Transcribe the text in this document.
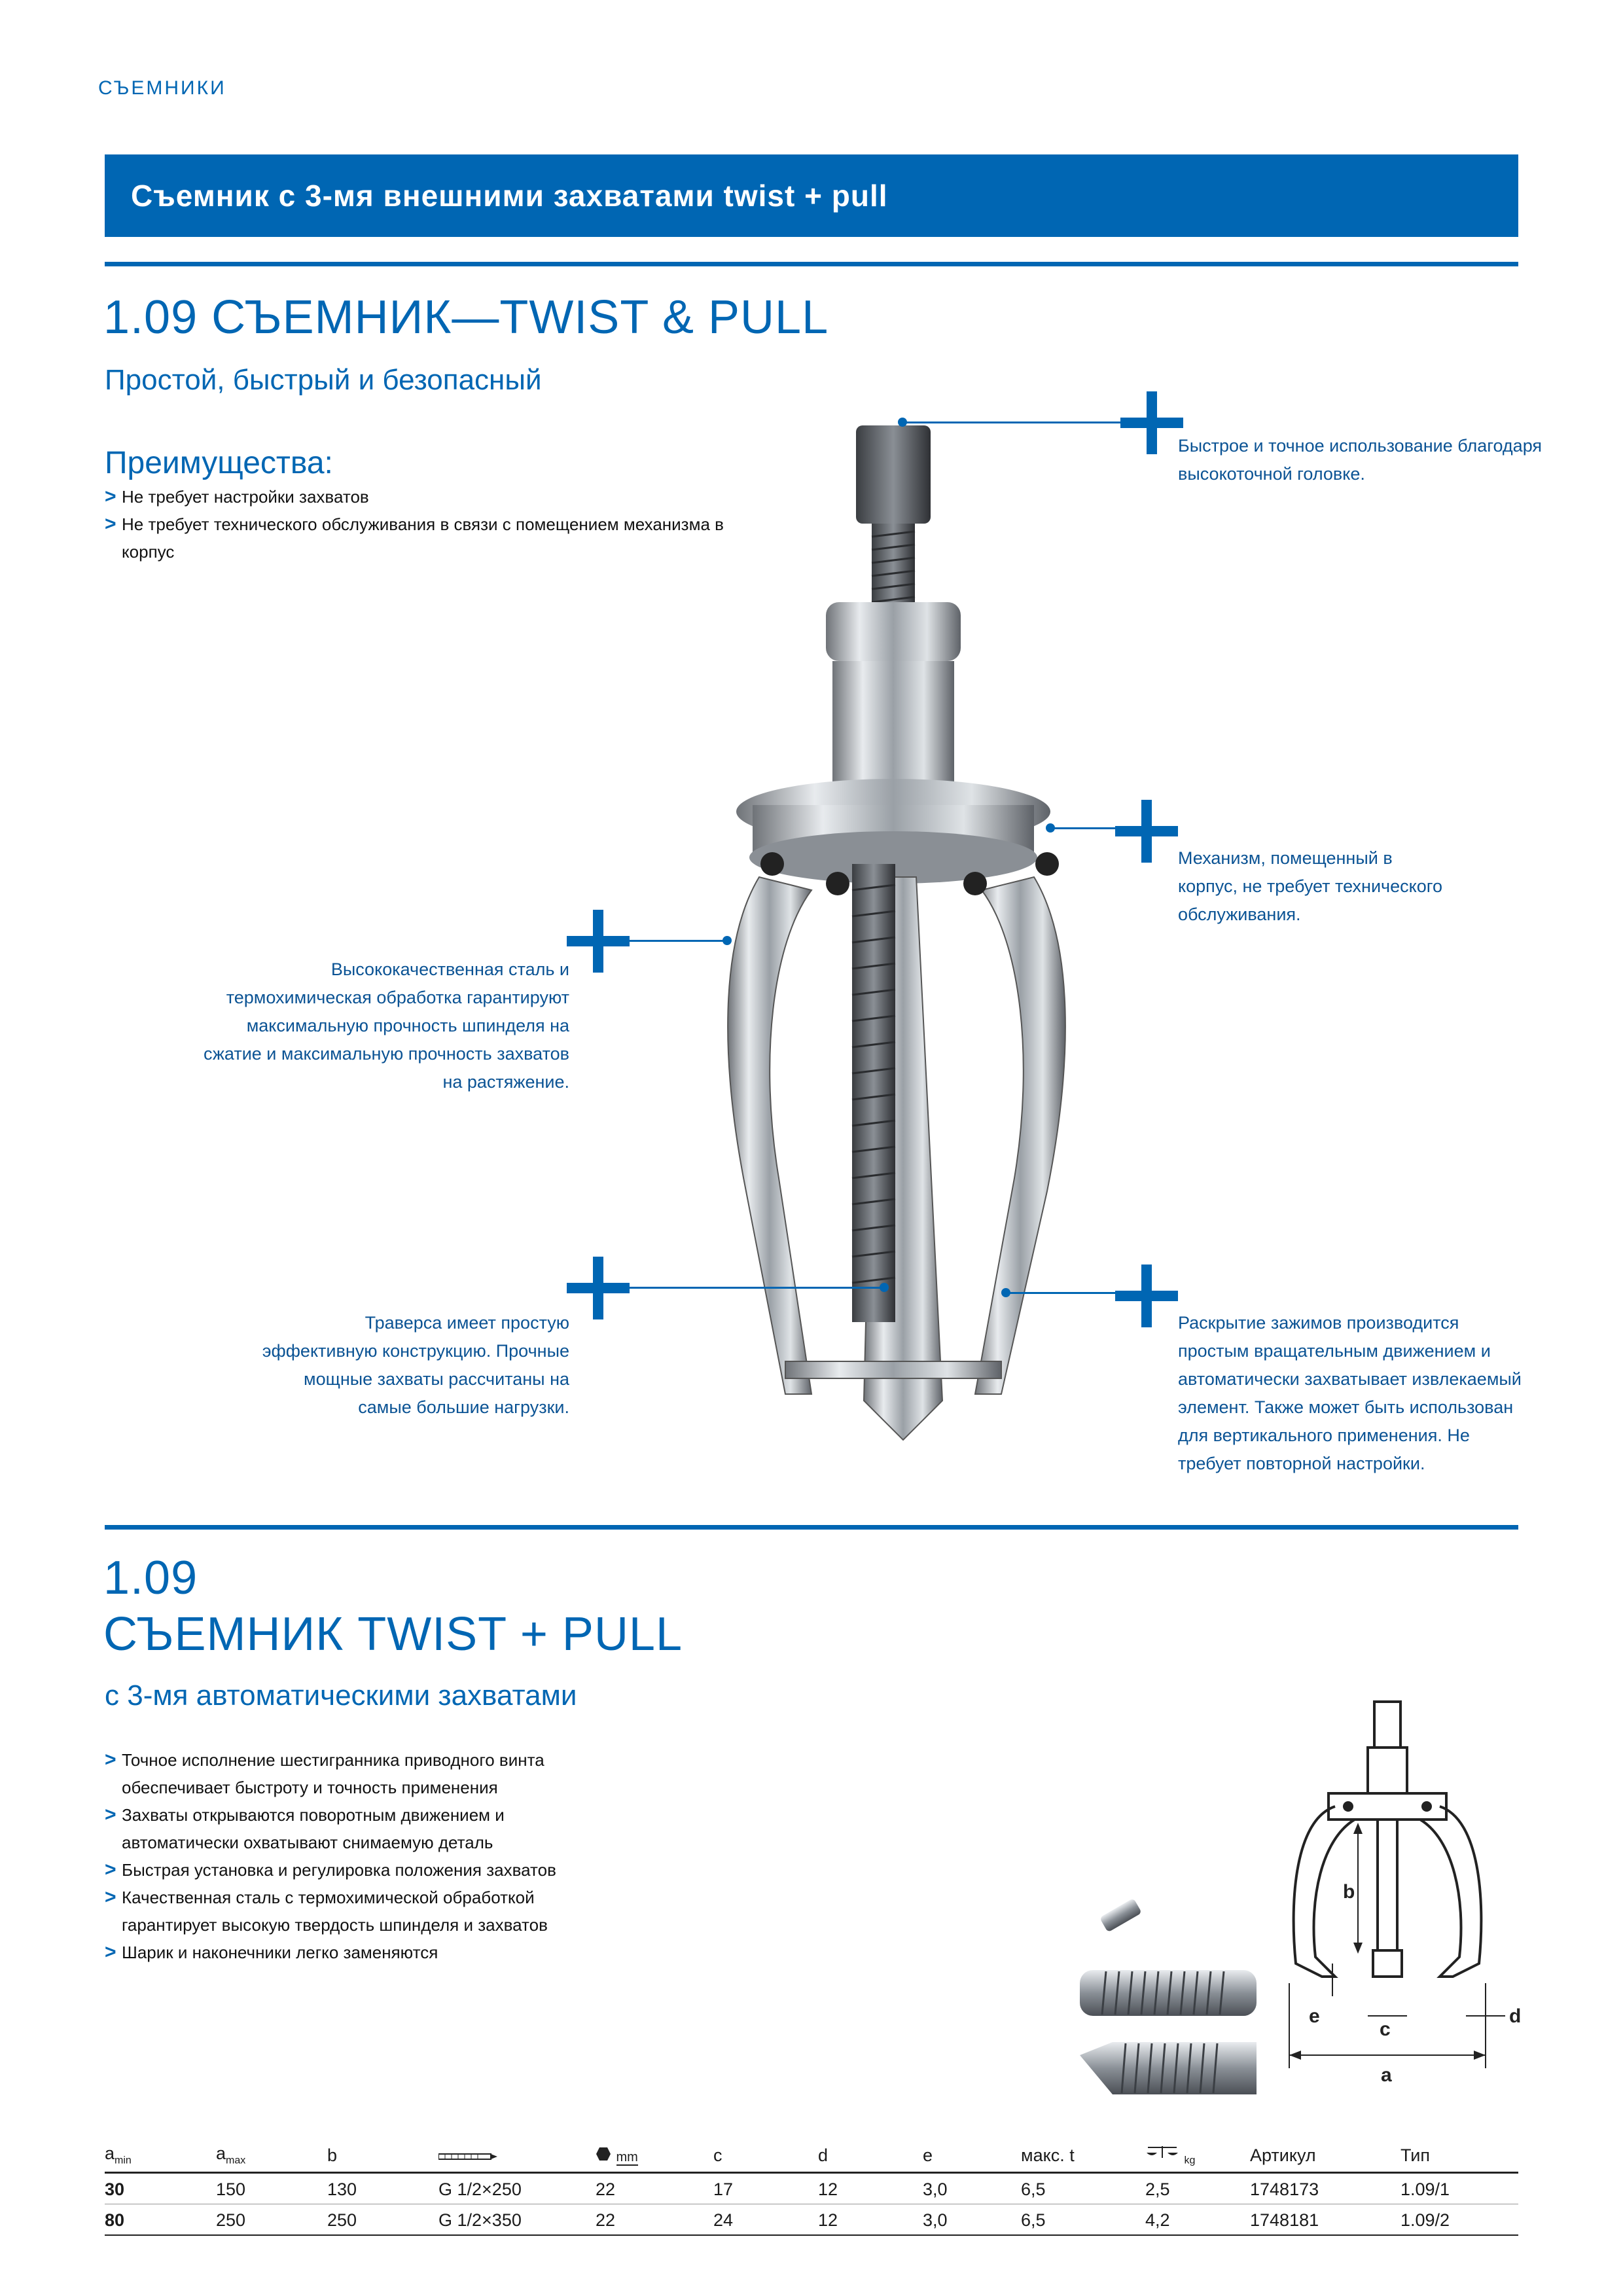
СЪЕМНИКИ
Съемник с 3-мя внешними захватами twist + pull
1.09 СЪЕМНИК—TWIST & PULL
Простой, быстрый и безопасный
Преимущества:
> Не требует настройки захватов
> Не требует технического обслуживания в связи с помещением механизма в корпус
Быстрое и точное использование благодаря высокоточной головке.
Механизм, помещенный в корпус, не требует технического обслуживания.
Высококачественная сталь и термохимическая обработка гарантируют максимальную прочность шпинделя на сжатие и максимальную прочность захватов на растяжение.
Траверса имеет простую эффективную конструкцию. Прочные мощные захваты рассчитаны на самые большие нагрузки.
Раскрытие зажимов производится простым вращательным движением и автоматически захватывает извлекаемый элемент. Также может быть использован для вертикального применения. Не требует повторной настройки.
1.09
СЪЕМНИК TWIST + PULL
с 3-мя автоматическими захватами
> Точное исполнение шестигранника приводного винта обеспечивает быстроту и точность применения
> Захваты открываются поворотным движением и автоматически охватывают снимаемую деталь
> Быстрая установка и регулировка положения захватов
> Качественная сталь с термохимической обработкой гарантирует высокую твердость шпинделя и захватов
> Шарик и наконечники легко заменяются
b
e
c
d
a
$a_{min}$	$a_{max}$	b		mm	c	d	e	макс. t	$_{kg}$	Артикул	Тип
30	150	130	G 1/2×250	22	17	12	3,0	6,5	2,5	1748173	1.09/1
80	250	250	G 1/2×350	22	24	12	3,0	6,5	4,2	1748181	1.09/2
